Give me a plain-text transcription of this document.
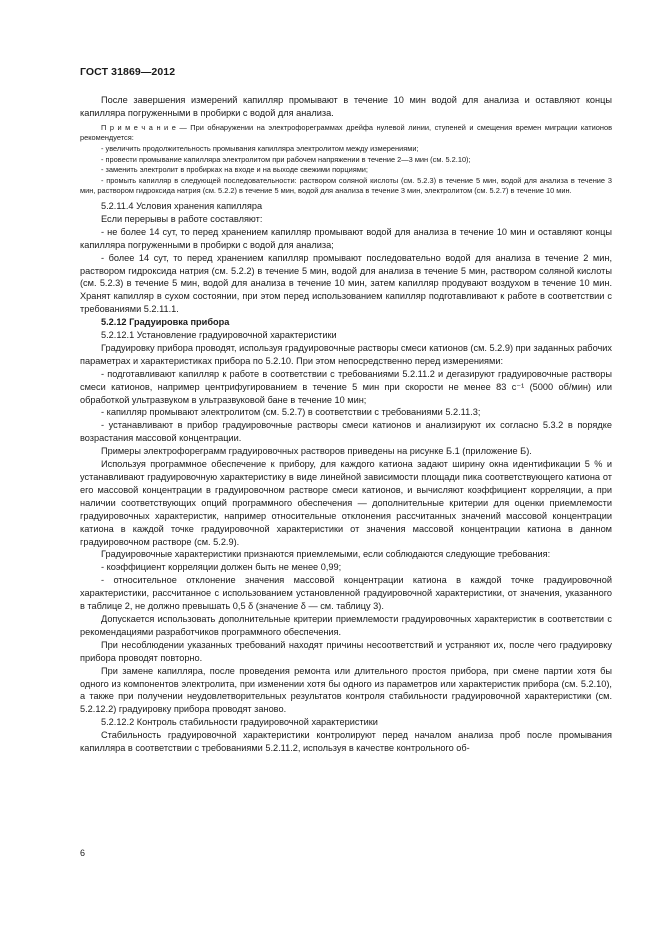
ГОСТ 31869—2012

После завершения измерений капилляр промывают в течение 10 мин водой для анализа и оставляют концы капилляра погруженными в пробирки с водой для анализа.

П р и м е ч а н и е — При обнаружении на электрофореграммах дрейфа нулевой линии, ступеней и смещения времен миграции катионов рекомендуется:

- увеличить продолжительность промывания капилляра электролитом между измерениями;

- провести промывание капилляра электролитом при рабочем напряжении в течение 2—3 мин (см. 5.2.10);

- заменить электролит в пробирках на входе и на выходе свежими порциями;

- промыть капилляр в следующей последовательности: раствором соляной кислоты (см. 5.2.3) в течение 5 мин, водой для анализа в течение 3 мин, раствором гидроксида натрия (см. 5.2.2) в течение 5 мин, водой для анализа в течение 3 мин, электролитом (см. 5.2.7) в течение 10 мин.

5.2.11.4 Условия хранения капилляра

Если перерывы в работе составляют:

- не более 14 сут, то перед хранением капилляр промывают водой для анализа в течение 10 мин и оставляют концы капилляра погруженными в пробирки с водой для анализа;

- более 14 сут, то перед хранением капилляр промывают последовательно водой для анализа в течение 2 мин, раствором гидроксида натрия (см. 5.2.2) в течение 5 мин, водой для анализа в течение 5 мин, раствором соляной кислоты (см. 5.2.3) в течение 5 мин, водой для анализа в течение 10 мин, затем капилляр продувают воздухом в течение 10 мин. Хранят капилляр в сухом состоянии, при этом перед использованием капилляр подготавливают к работе в соответствии с требованиями 5.2.11.1.

5.2.12 Градуировка прибора

5.2.12.1 Установление градуировочной характеристики

Градуировку прибора проводят, используя градуировочные растворы смеси катионов (см. 5.2.9) при заданных рабочих параметрах и характеристиках прибора по 5.2.10. При этом непосредственно перед измерениями:

- подготавливают капилляр к работе в соответствии с требованиями 5.2.11.2 и дегазируют градуировочные растворы смеси катионов, например центрифугированием в течение 5 мин при скорости не менее 83 с⁻¹ (5000 об/мин) или обработкой ультразвуком в ультразвуковой бане в течение 10 мин;

- капилляр промывают электролитом (см. 5.2.7) в соответствии с требованиями 5.2.11.3;

- устанавливают в прибор градуировочные растворы смеси катионов и анализируют их согласно 5.3.2 в порядке возрастания массовой концентрации.

Примеры электрофореграмм градуировочных растворов приведены на рисунке Б.1 (приложение Б).

Используя программное обеспечение к прибору, для каждого катиона задают ширину окна идентификации 5 % и устанавливают градуировочную характеристику в виде линейной зависимости площади пика соответствующего катиона от его массовой концентрации в градуировочном растворе смеси катионов, и вычисляют коэффициент корреляции, а при наличии соответствующих опций программного обеспечения — дополнительные критерии для оценки приемлемости градуировочных характеристик, например относительные отклонения рассчитанных значений массовой концентрации катиона в каждой точке градуировочной характеристики от значения массовой концентрации катиона в данном градуировочном растворе (см. 5.2.9).

Градуировочные характеристики признаются приемлемыми, если соблюдаются следующие требования:

- коэффициент корреляции должен быть не менее 0,99;

- относительное отклонение значения массовой концентрации катиона в каждой точке градуировочной характеристики, рассчитанное с использованием установленной градуировочной характеристики, от значения, указанного в таблице 2, не должно превышать 0,5 δ (значение δ — см. таблицу 3).

Допускается использовать дополнительные критерии приемлемости градуировочных характеристик в соответствии с рекомендациями разработчиков программного обеспечения.

При несоблюдении указанных требований находят причины несоответствий и устраняют их, после чего градуировку прибора проводят повторно.

При замене капилляра, после проведения ремонта или длительного простоя прибора, при смене партии хотя бы одного из компонентов электролита, при изменении хотя бы одного из параметров или характеристик прибора (см. 5.2.10), а также при получении неудовлетворительных результатов контроля стабильности градуировочной характеристики (см. 5.2.12.2) градуировку прибора проводят заново.

5.2.12.2 Контроль стабильности градуировочной характеристики

Стабильность градуировочной характеристики контролируют перед началом анализа проб после промывания капилляра в соответствии с требованиями 5.2.11.2, используя в качестве контрольного об-

6
